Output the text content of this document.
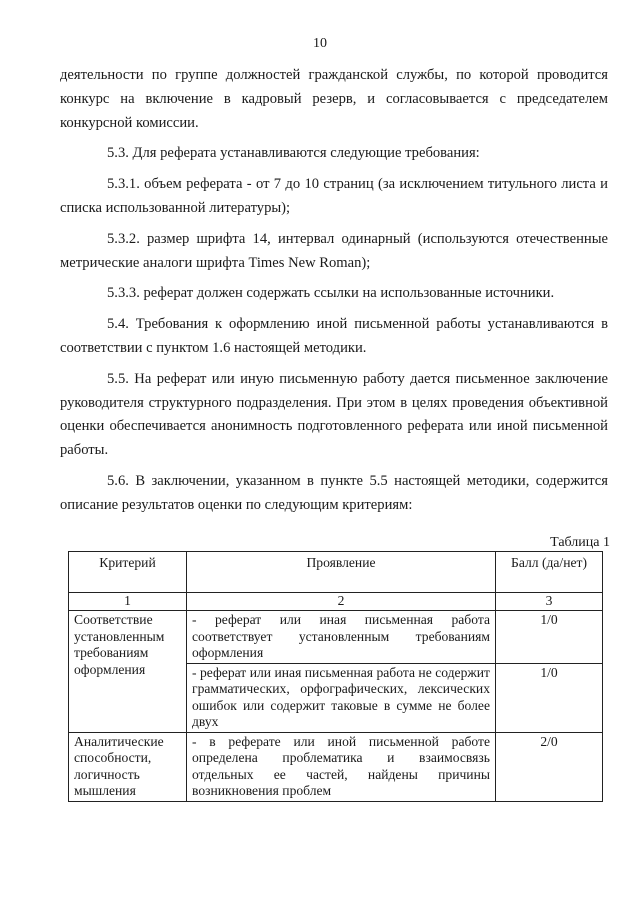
10

деятельности по группе должностей гражданской службы, по которой проводится конкурс на включение в кадровый резерв, и согласовывается с председателем конкурсной комиссии.

5.3. Для реферата устанавливаются следующие требования:

5.3.1. объем реферата - от 7 до 10 страниц (за исключением титульного листа и списка использованной литературы);

5.3.2. размер шрифта 14, интервал одинарный (используются отечественные метрические аналоги шрифта Times New Roman);

5.3.3. реферат должен содержать ссылки на использованные источники.

5.4. Требования к оформлению иной письменной работы устанавливаются в соответствии с пунктом 1.6 настоящей методики.

5.5. На реферат или иную письменную работу дается письменное заключение руководителя структурного подразделения. При этом в целях проведения объективной оценки обеспечивается анонимность подготовленного реферата или иной письменной работы.

5.6. В заключении, указанном в пункте 5.5 настоящей методики, содержится описание результатов оценки по следующим критериям:

Таблица 1
Критерий	Проявление	Балл (да/нет)
1	2	3
Соответствие установленным требованиям оформления	- реферат или иная письменная работа соответствует установленным требованиям оформления	1/0
	- реферат или иная письменная работа не содержит грамматических, орфографических, лексических ошибок или содержит таковые в сумме не более двух	1/0
Аналитические способности, логичность мышления	- в реферате или иной письменной работе определена проблематика и взаимосвязь отдельных ее частей, найдены причины возникновения проблем	2/0
